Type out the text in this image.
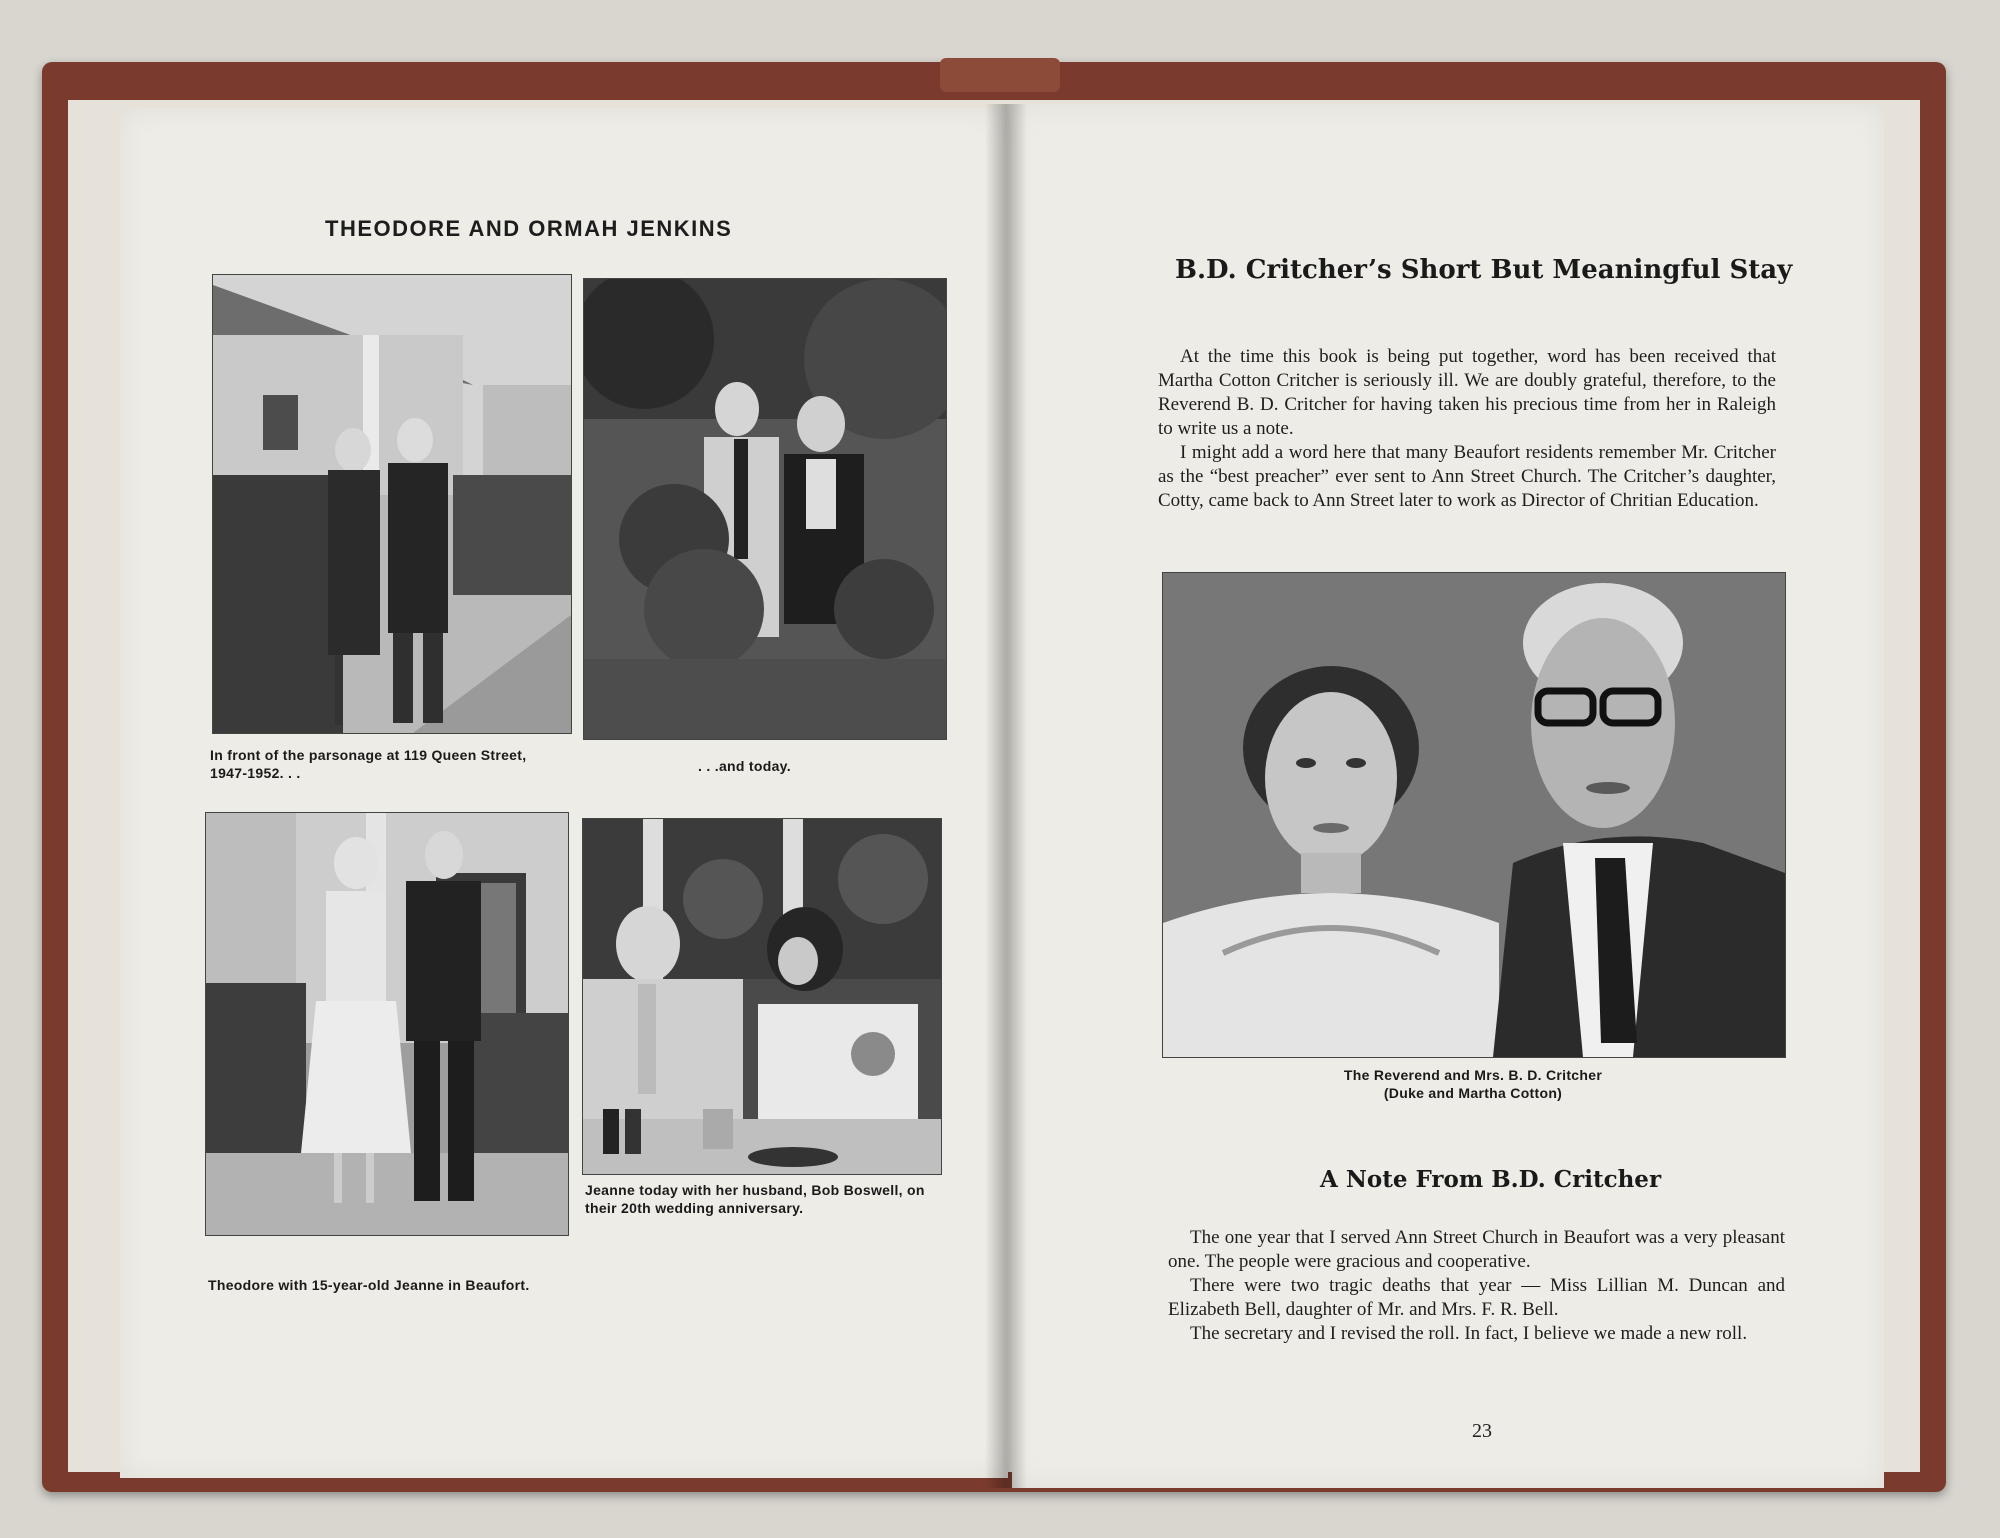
THEODORE AND ORMAH JENKINS
In front of the parsonage at 119 Queen Street, 1947-1952. . .	. . .and today.
Jeanne today with her husband, Bob Boswell, on their 20th wedding anniversary.
Theodore with 15-year-old Jeanne in Beaufort.
B.D. Critcher’s Short But Meaningful Stay

At the time this book is being put together, word has been received that Martha Cotton Critcher is seriously ill. We are doubly grateful, therefore, to the Reverend B. D. Critcher for having taken his precious time from her in Raleigh to write us a note.

I might add a word here that many Beaufort residents remember Mr. Critcher as the “best preacher” ever sent to Ann Street Church. The Critcher’s daughter, Cotty, came back to Ann Street later to work as Director of Chritian Education.

The Reverend and Mrs. B. D. Critcher
(Duke and Martha Cotton)
A Note From B.D. Critcher

The one year that I served Ann Street Church in Beaufort was a very pleasant one. The people were gracious and cooperative.

There were two tragic deaths that year — Miss Lillian M. Duncan and Elizabeth Bell, daughter of Mr. and Mrs. F. R. Bell.

The secretary and I revised the roll. In fact, I believe we made a new roll.

23
